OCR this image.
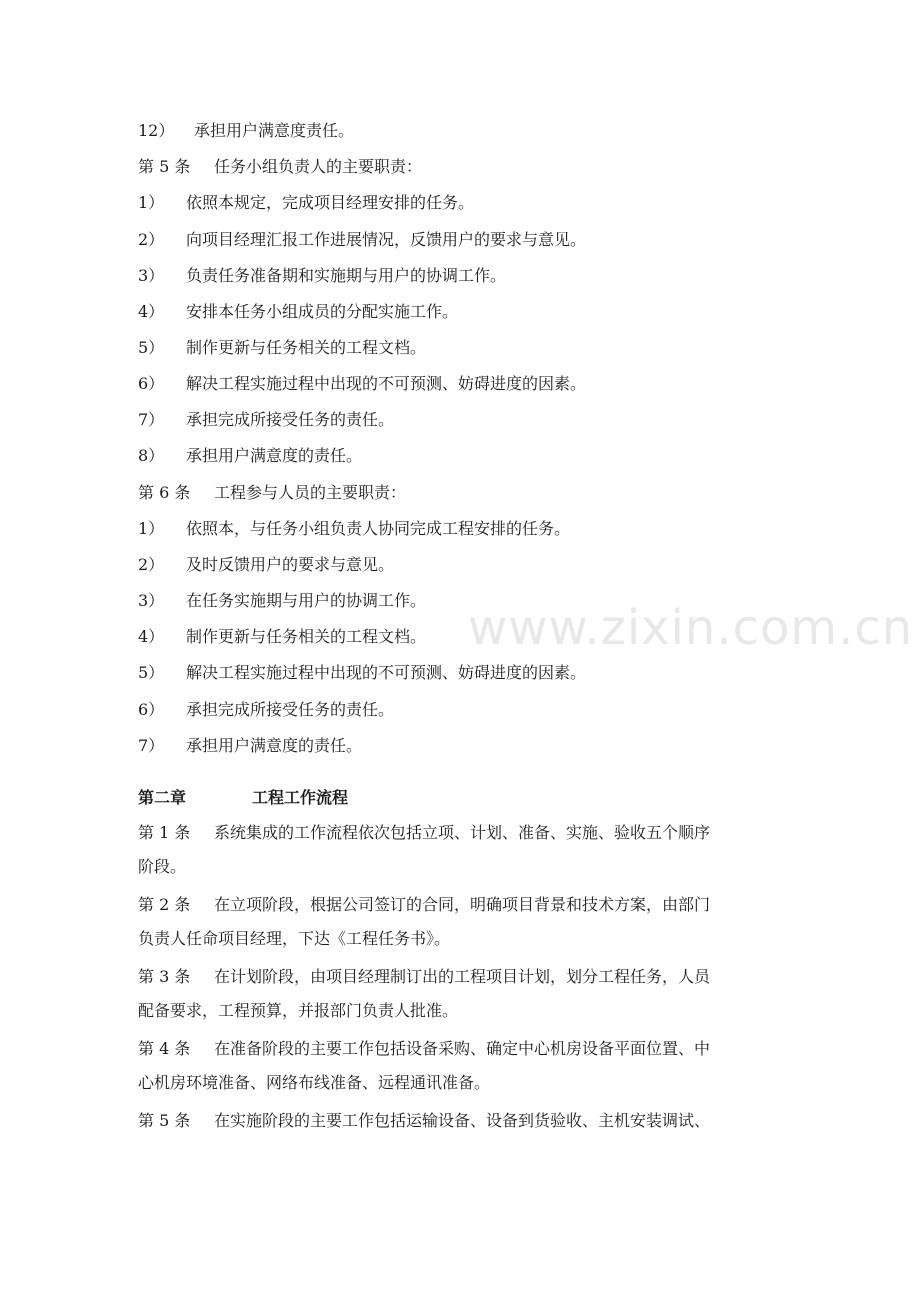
www.zixin.com.cn
12） 承担用户满意度责任。
第 5 条 任务小组负责人的主要职责：
1） 依照本规定，完成项目经理安排的任务。
2） 向项目经理汇报工作进展情况，反馈用户的要求与意见。
3） 负责任务准备期和实施期与用户的协调工作。
4） 安排本任务小组成员的分配实施工作。
5） 制作更新与任务相关的工程文档。
6） 解决工程实施过程中出现的不可预测、妨碍进度的因素。
7） 承担完成所接受任务的责任。
8） 承担用户满意度的责任。
第 6 条 工程参与人员的主要职责：
1） 依照本，与任务小组负责人协同完成工程安排的任务。
2） 及时反馈用户的要求与意见。
3） 在任务实施期与用户的协调工作。
4） 制作更新与任务相关的工程文档。
5） 解决工程实施过程中出现的不可预测、妨碍进度的因素。
6） 承担完成所接受任务的责任。
7） 承担用户满意度的责任。
第二章	工程工作流程
第 1 条 系统集成的工作流程依次包括立项、计划、准备、实施、验收五个顺序
阶段。
第 2 条 在立项阶段，根据公司签订的合同，明确项目背景和技术方案，由部门
负责人任命项目经理，下达《工程任务书》。
第 3 条 在计划阶段，由项目经理制订出的工程项目计划，划分工程任务，人员
配备要求，工程预算，并报部门负责人批准。
第 4 条 在准备阶段的主要工作包括设备采购、确定中心机房设备平面位置、中
心机房环境准备、网络布线准备、远程通讯准备。
第 5 条 在实施阶段的主要工作包括运输设备、设备到货验收、主机安装调试、
